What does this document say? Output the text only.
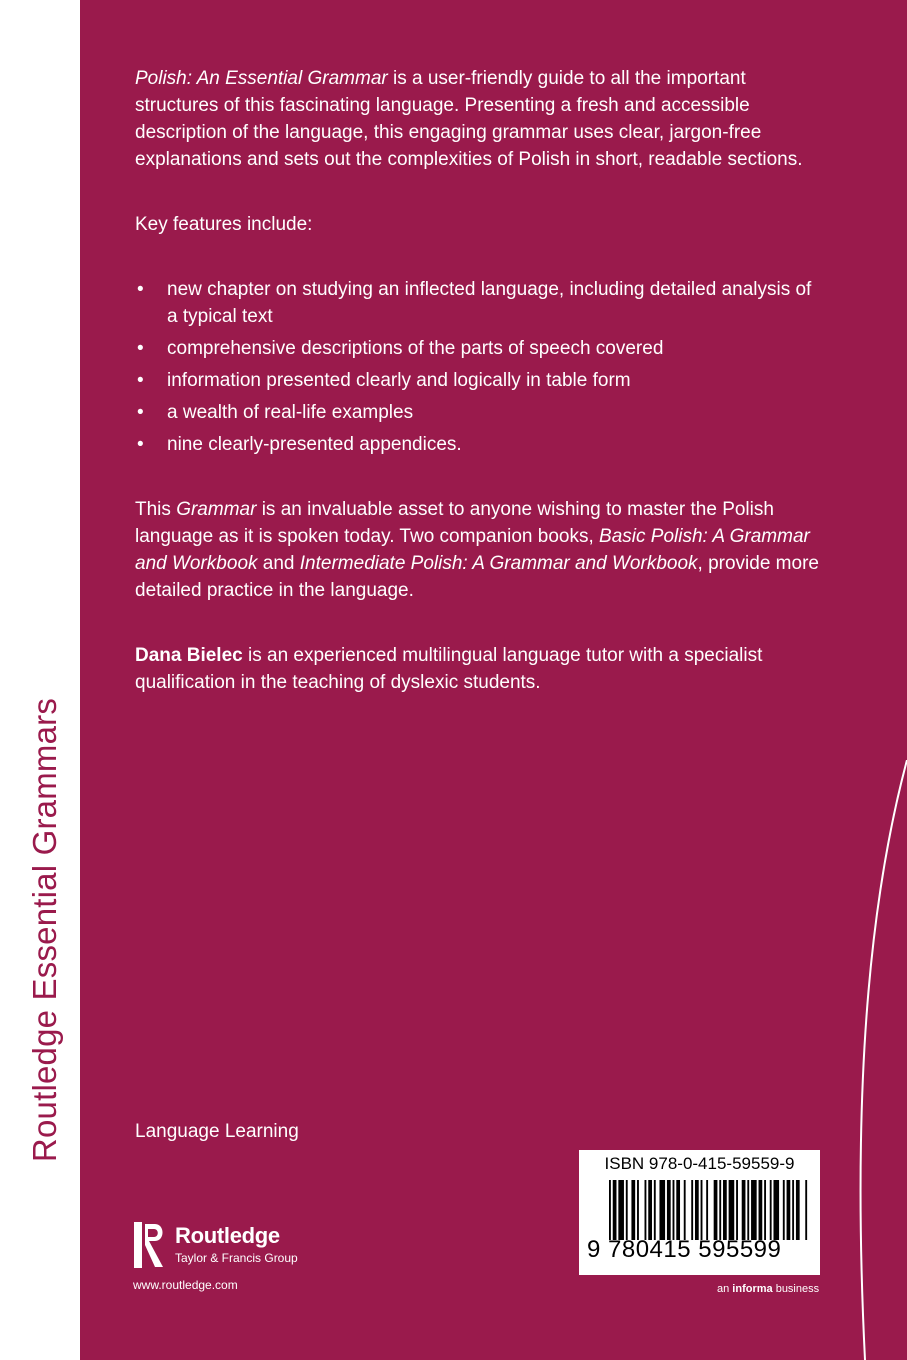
Routledge Essential Grammars

Polish: An Essential Grammar is a user-friendly guide to all the important structures of this fascinating language. Presenting a fresh and accessible description of the language, this engaging grammar uses clear, jargon-free explanations and sets out the complexities of Polish in short, readable sections.

Key features include:

• new chapter on studying an inflected language, including detailed analysis of a typical text
• comprehensive descriptions of the parts of speech covered
• information presented clearly and logically in table form
• a wealth of real-life examples
• nine clearly-presented appendices.

This Grammar is an invaluable asset to anyone wishing to master the Polish language as it is spoken today. Two companion books, Basic Polish: A Grammar and Workbook and Intermediate Polish: A Grammar and Workbook, provide more detailed practice in the language.

Dana Bielec is an experienced multilingual language tutor with a specialist qualification in the teaching of dyslexic students.

Language Learning
Routledge
Taylor & Francis Group
www.routledge.com
ISBN 978-0-415-59559-9
9 780415 595599
an informa business
